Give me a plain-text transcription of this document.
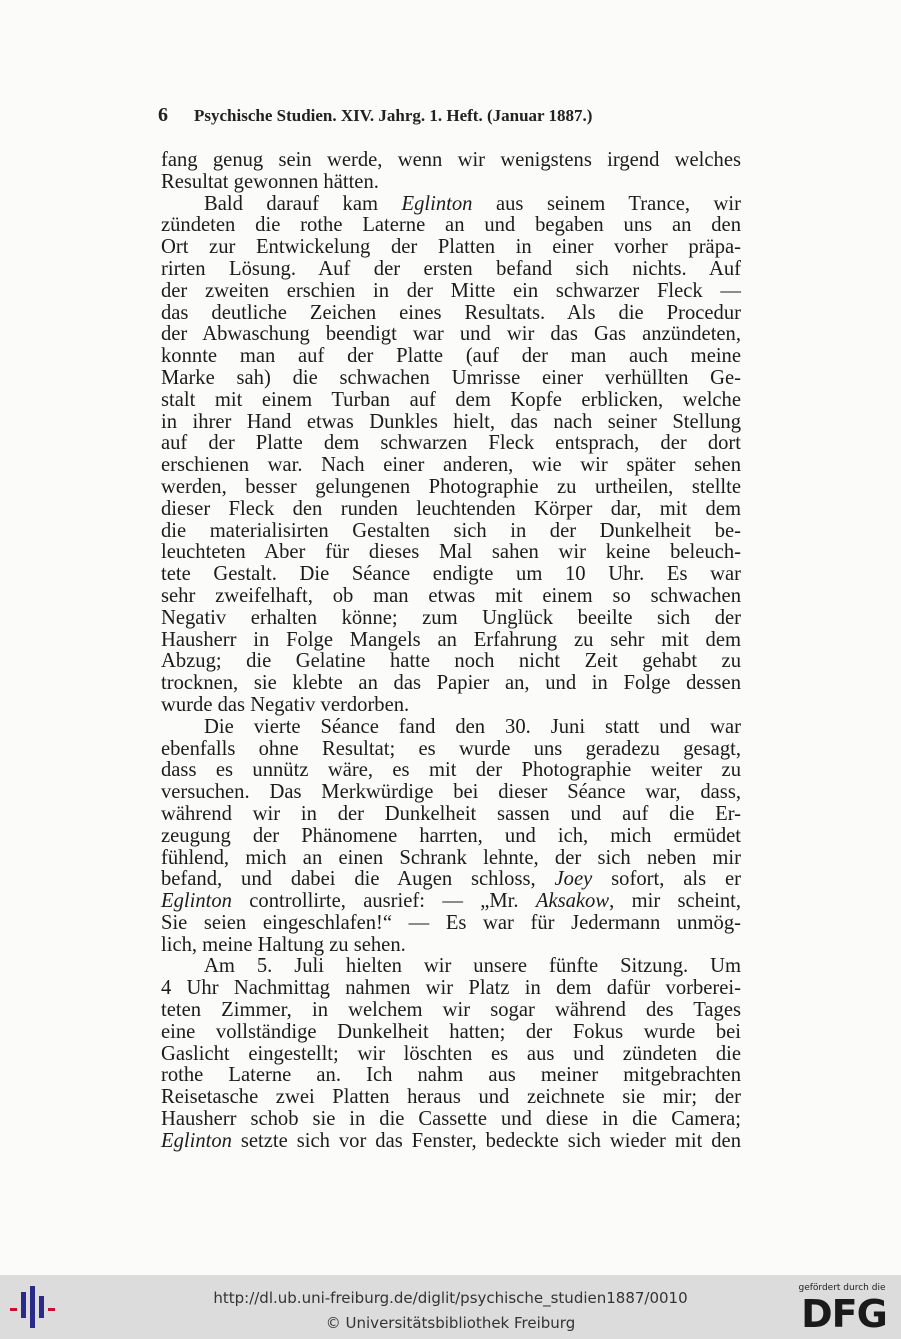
6 Psychische Studien. XIV. Jahrg. 1. Heft. (Januar 1887.)
fang genug sein werde, wenn wir wenigstens irgend welches
Resultat gewonnen hätten.
Bald darauf kam Eglinton aus seinem Trance, wir
zündeten die rothe Laterne an und begaben uns an den
Ort zur Entwickelung der Platten in einer vorher präpa-
rirten Lösung. Auf der ersten befand sich nichts. Auf
der zweiten erschien in der Mitte ein schwarzer Fleck —
das deutliche Zeichen eines Resultats. Als die Procedur
der Abwaschung beendigt war und wir das Gas anzündeten,
konnte man auf der Platte (auf der man auch meine
Marke sah) die schwachen Umrisse einer verhüllten Ge-
stalt mit einem Turban auf dem Kopfe erblicken, welche
in ihrer Hand etwas Dunkles hielt, das nach seiner Stellung
auf der Platte dem schwarzen Fleck entsprach, der dort
erschienen war. Nach einer anderen, wie wir später sehen
werden, besser gelungenen Photographie zu urtheilen, stellte
dieser Fleck den runden leuchtenden Körper dar, mit dem
die materialisirten Gestalten sich in der Dunkelheit be-
leuchteten Aber für dieses Mal sahen wir keine beleuch-
tete Gestalt. Die Séance endigte um 10 Uhr. Es war
sehr zweifelhaft, ob man etwas mit einem so schwachen
Negativ erhalten könne; zum Unglück beeilte sich der
Hausherr in Folge Mangels an Erfahrung zu sehr mit dem
Abzug; die Gelatine hatte noch nicht Zeit gehabt zu
trocknen, sie klebte an das Papier an, und in Folge dessen
wurde das Negativ verdorben.
Die vierte Séance fand den 30. Juni statt und war
ebenfalls ohne Resultat; es wurde uns geradezu gesagt,
dass es unnütz wäre, es mit der Photographie weiter zu
versuchen. Das Merkwürdige bei dieser Séance war, dass,
während wir in der Dunkelheit sassen und auf die Er-
zeugung der Phänomene harrten, und ich, mich ermüdet
fühlend, mich an einen Schrank lehnte, der sich neben mir
befand, und dabei die Augen schloss, Joey sofort, als er
Eglinton controllirte, ausrief: — „Mr. Aksakow, mir scheint,
Sie seien eingeschlafen!“ — Es war für Jedermann unmög-
lich, meine Haltung zu sehen.
Am 5. Juli hielten wir unsere fünfte Sitzung. Um
4 Uhr Nachmittag nahmen wir Platz in dem dafür vorberei-
teten Zimmer, in welchem wir sogar während des Tages
eine vollständige Dunkelheit hatten; der Fokus wurde bei
Gaslicht eingestellt; wir löschten es aus und zündeten die
rothe Laterne an. Ich nahm aus meiner mitgebrachten
Reisetasche zwei Platten heraus und zeichnete sie mir; der
Hausherr schob sie in die Cassette und diese in die Camera;
Eglinton setzte sich vor das Fenster, bedeckte sich wieder mit den
http://dl.ub.uni-freiburg.de/diglit/psychische_studien1887/0010
© Universitätsbibliothek Freiburg
gefördert durch die
DFG
